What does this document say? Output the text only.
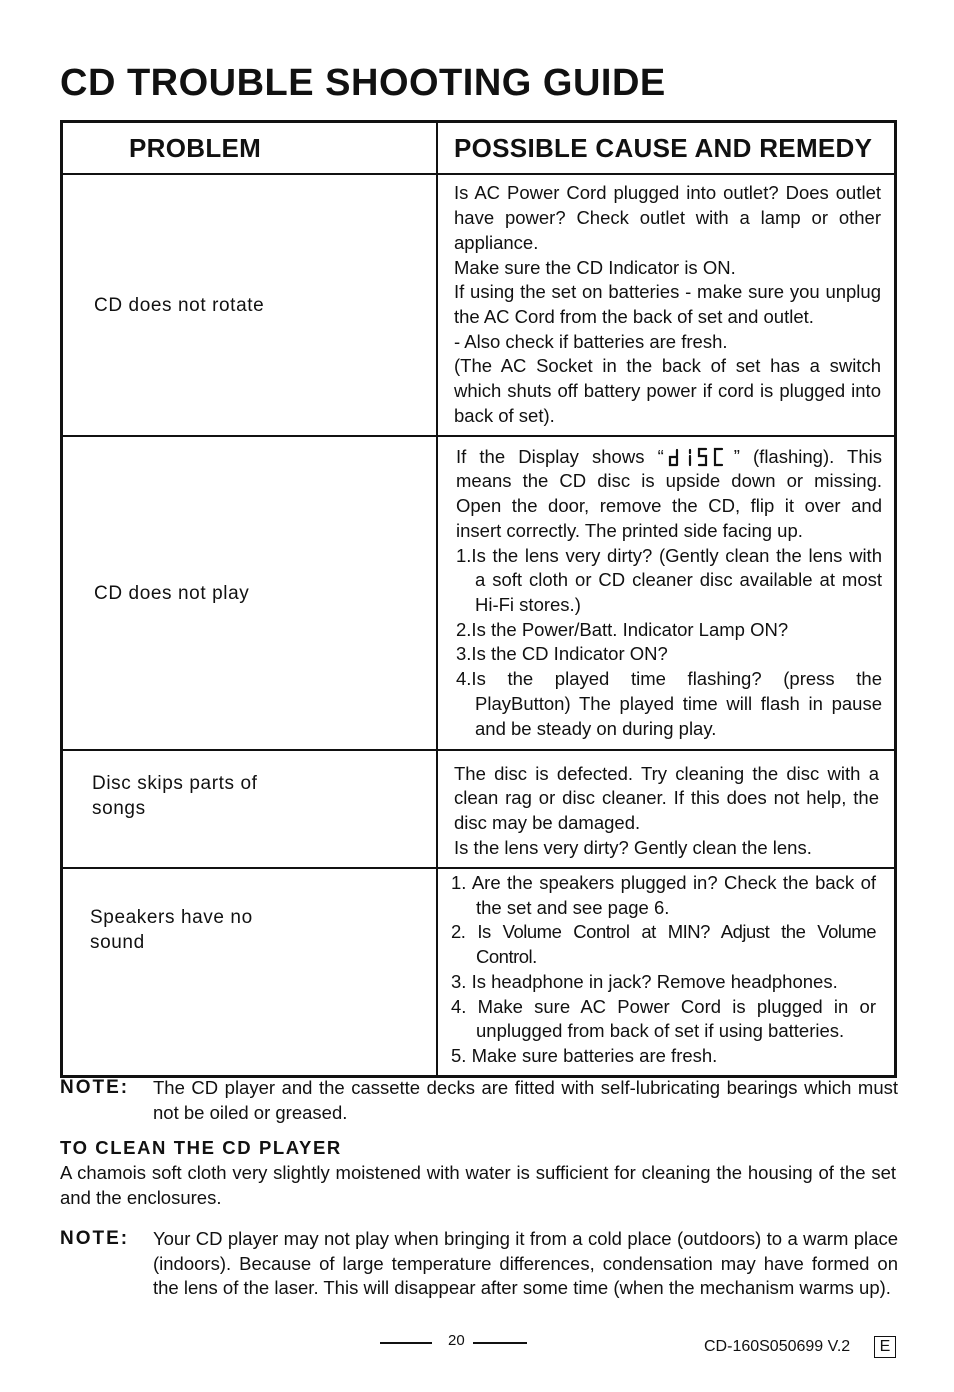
CD TROUBLE SHOOTING GUIDE
PROBLEM	POSSIBLE CAUSE AND REMEDY

CD does not rotate	Is AC Power Cord plugged into outlet? Does outlet have power? Check outlet with a lamp or other appliance.

Make sure the CD Indicator is ON.

If using the set on batteries - make sure you unplug the AC Cord from the back of set and outlet.

- Also check if batteries are fresh.

(The AC Socket in the back of set has a switch which shuts off battery power if cord is plugged into back of set).

CD does not play	If the Display shows “ ” (flashing). This means the CD disc is upside down or missing. Open the door, remove the CD, flip it over and insert correctly. The printed side facing up.

1.Is the lens very dirty? (Gently clean the lens with a soft cloth or CD cleaner disc available at most Hi-Fi stores.)

2.Is the Power/Batt. Indicator Lamp ON?

3.Is the CD Indicator ON?

4.Is the played time flashing? (press the PlayButton) The played time will flash in pause and be steady on during play.

Disc skips parts of songs	The disc is defected. Try cleaning the disc with a clean rag or disc cleaner. If this does not help, the disc may be damaged.

Is the lens very dirty? Gently clean the lens.

Speakers have no sound	1. Are the speakers plugged in? Check the back of the set and see page 6.

2. Is Volume Control at MIN? Adjust the Volume Control.

3. Is headphone in jack? Remove headphones.

4. Make sure AC Power Cord is plugged in or unplugged from back of set if using batteries.

5. Make sure batteries are fresh.

NOTE: The CD player and the cassette decks are fitted with self-lubricating bearings which must not be oiled or greased.
TO CLEAN THE CD PLAYER
A chamois soft cloth very slightly moistened with water is sufficient for cleaning the housing of the set and the enclosures.
NOTE: Your CD player may not play when bringing it from a cold place (outdoors) to a warm place (indoors). Because of large temperature differences, condensation may have formed on the lens of the laser. This will disappear after some time (when the mechanism warms up).
20	CD-160S050699 V.2	E
